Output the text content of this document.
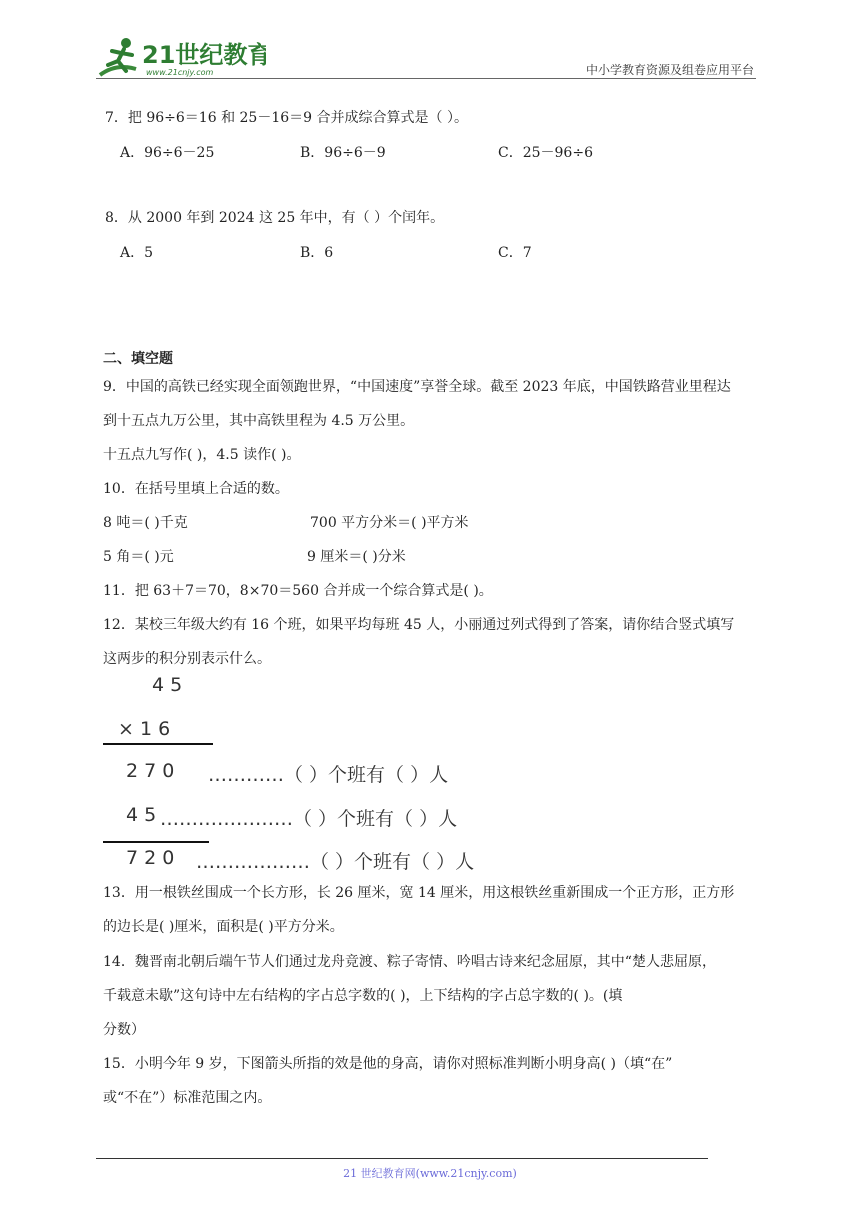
21世纪教育
www.21cnjy.com	中小学教育资源及组卷应用平台
7．把 96÷6＝16 和 25－16＝9 合并成综合算式是（ ）。
A．96÷6－25	B．96÷6－9	C．25－96÷6
8．从 2000 年到 2024 这 25 年中，有（ ）个闰年。
A．5	B．6	C．7
二、填空题
9．中国的高铁已经实现全面领跑世界，“中国速度”享誉全球。截至 2023 年底，中国铁路营业里程达
到十五点九万公里，其中高铁里程为 4.5 万公里。
十五点九写作( )，4.5 读作( )。
10．在括号里填上合适的数。
8 吨＝( )千克	700 平方分米＝( )平方米
5 角＝( )元	9 厘米＝( )分米
11．把 63＋7＝70，8×70＝560 合并成一个综合算式是( )。
12．某校三年级大约有 16 个班，如果平均每班 45 人，小丽通过列式得到了答案，请你结合竖式填写
这两步的积分别表示什么。
4 5
× 1 6
2 7 0 …………（ ）个班有（ ）人
4 5 …………………（ ）个班有（ ）人
7 2 0 ………………（ ）个班有（ ）人
13．用一根铁丝围成一个长方形，长 26 厘米，宽 14 厘米，用这根铁丝重新围成一个正方形，正方形
的边长是( )厘米，面积是( )平方分米。
14．魏晋南北朝后端午节人们通过龙舟竞渡、粽子寄情、吟唱古诗来纪念屈原，其中“楚人悲屈原，
千载意未歇”这句诗中左右结构的字占总字数的( )，上下结构的字占总字数的( )。(填
分数）
15．小明今年 9 岁，下图箭头所指的效是他的身高，请你对照标准判断小明身高( )（填“在”
或“不在”）标准范围之内。
21 世纪教育网(www.21cnjy.com)
